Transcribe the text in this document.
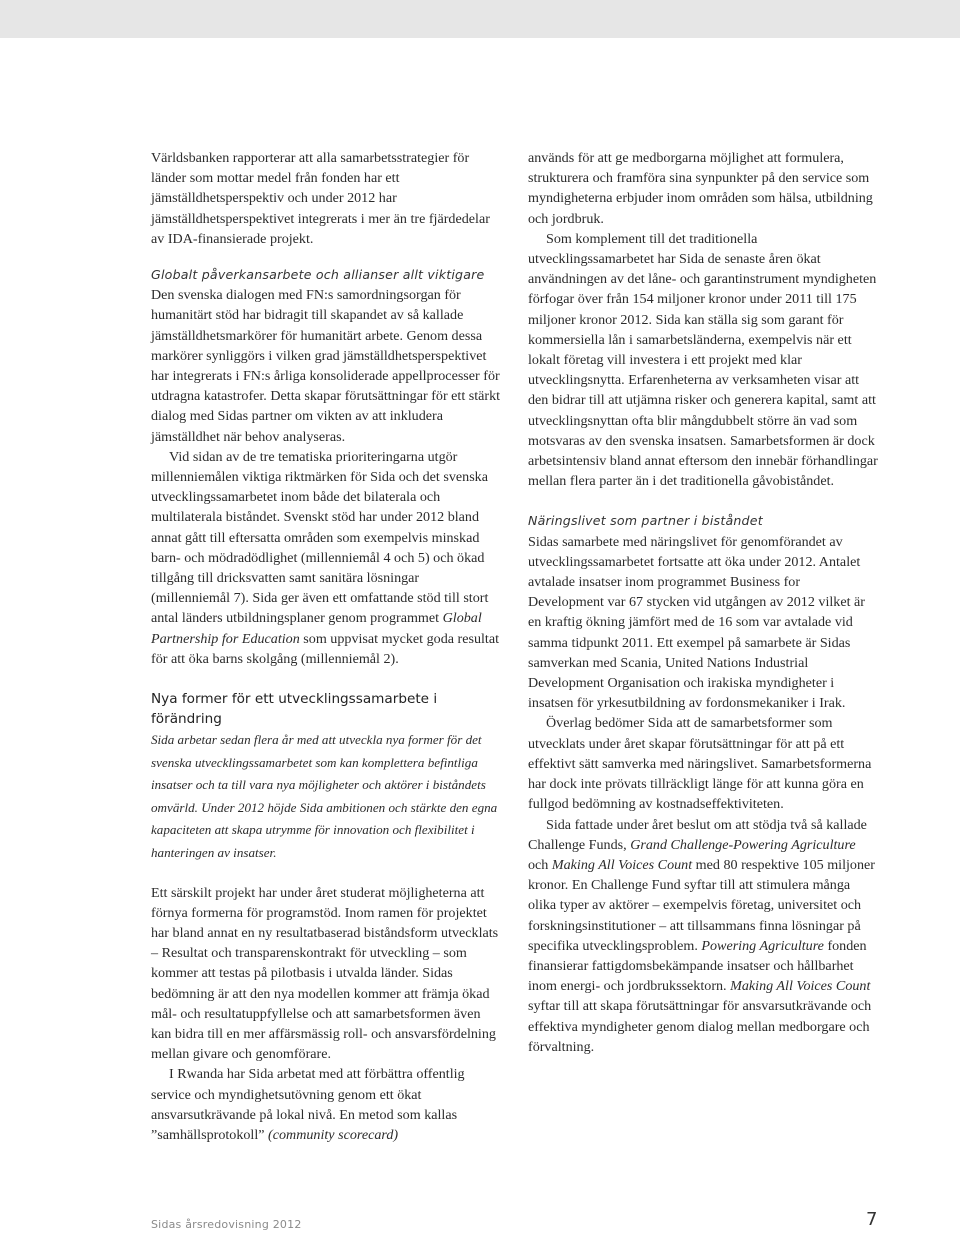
Världsbanken rapporterar att alla samarbetsstrategier för länder som mottar medel från fonden har ett jämställdhetsperspektiv och under 2012 har jämställdhetsperspektivet integrerats i mer än tre fjärdedelar av IDA-finansierade projekt.

Globalt påverkansarbete och allianser allt viktigare

Den svenska dialogen med FN:s samordningsorgan för humanitärt stöd har bidragit till skapandet av så kallade jämställdhetsmarkörer för humanitärt arbete. Genom dessa markörer synliggörs i vilken grad jämställdhetsperspektivet har integrerats i FN:s årliga konsoliderade appellprocesser för utdragna katastrofer. Detta skapar förutsättningar för ett stärkt dialog med Sidas partner om vikten av att inkludera jämställdhet när behov analyseras.

Vid sidan av de tre tematiska prioriteringarna utgör millenniemålen viktiga riktmärken för Sida och det svenska utvecklingssamarbetet inom både det bilaterala och multilaterala biståndet. Svenskt stöd har under 2012 bland annat gått till eftersatta områden som exempelvis minskad barn- och mödradödlighet (millenniemål 4 och 5) och ökad tillgång till dricksvatten samt sanitära lösningar (millenniemål 7). Sida ger även ett omfattande stöd till stort antal länders utbildningsplaner genom programmet Global Partnership for Education som uppvisat mycket goda resultat för att öka barns skolgång (millenniemål 2).

Nya former för ett utvecklingssamarbete i förändring

Sida arbetar sedan flera år med att utveckla nya former för det svenska utvecklingssamarbetet som kan komplettera befintliga insatser och ta till vara nya möjligheter och aktörer i biståndets omvärld. Under 2012 höjde Sida ambitionen och stärkte den egna kapaciteten att skapa utrymme för innovation och flexibilitet i hanteringen av insatser.

Ett särskilt projekt har under året studerat möjligheterna att förnya formerna för programstöd. Inom ramen för projektet har bland annat en ny resultatbaserad biståndsform utvecklats – Resultat och transparenskontrakt för utveckling – som kommer att testas på pilotbasis i utvalda länder. Sidas bedömning är att den nya modellen kommer att främja ökad mål- och resultatuppfyllelse och att samarbetsformen även kan bidra till en mer affärsmässig roll- och ansvarsfördelning mellan givare och genomförare.

I Rwanda har Sida arbetat med att förbättra offentlig service och myndighetsutövning genom ett ökat ansvarsutkrävande på lokal nivå. En metod som kallas ”samhällsprotokoll” (community scorecard)

används för att ge medborgarna möjlighet att formulera, strukturera och framföra sina synpunkter på den service som myndigheterna erbjuder inom områden som hälsa, utbildning och jordbruk.

Som komplement till det traditionella utvecklingssamarbetet har Sida de senaste åren ökat användningen av det låne- och garantinstrument myndigheten förfogar över från 154 miljoner kronor under 2011 till 175 miljoner kronor 2012. Sida kan ställa sig som garant för kommersiella lån i samarbetsländerna, exempelvis när ett lokalt företag vill investera i ett projekt med klar utvecklingsnytta. Erfarenheterna av verksamheten visar att den bidrar till att utjämna risker och generera kapital, samt att utvecklingsnyttan ofta blir mångdubbelt större än vad som motsvaras av den svenska insatsen. Samarbetsformen är dock arbetsintensiv bland annat eftersom den innebär förhandlingar mellan flera parter än i det traditionella gåvobiståndet.

Näringslivet som partner i biståndet

Sidas samarbete med näringslivet för genomförandet av utvecklingssamarbetet fortsatte att öka under 2012. Antalet avtalade insatser inom programmet Business for Development var 67 stycken vid utgången av 2012 vilket är en kraftig ökning jämfört med de 16 som var avtalade vid samma tidpunkt 2011. Ett exempel på samarbete är Sidas samverkan med Scania, United Nations Industrial Development Organisation och irakiska myndigheter i insatsen för yrkesutbildning av fordonsmekaniker i Irak.

Överlag bedömer Sida att de samarbetsformer som utvecklats under året skapar förutsättningar för att på ett effektivt sätt samverka med näringslivet. Samarbetsformerna har dock inte prövats tillräckligt länge för att kunna göra en fullgod bedömning av kostnadseffektiviteten.

Sida fattade under året beslut om att stödja två så kallade Challenge Funds, Grand Challenge-Powering Agriculture och Making All Voices Count med 80 respektive 105 miljoner kronor. En Challenge Fund syftar till att stimulera många olika typer av aktörer – exempelvis företag, universitet och forskningsinstitutioner – att tillsammans finna lösningar på specifika utvecklingsproblem. Powering Agriculture fonden finansierar fattigdomsbekämpande insatser och hållbarhet inom energi- och jordbrukssektorn. Making All Voices Count syftar till att skapa förutsättningar för ansvarsutkrävande och effektiva myndigheter genom dialog mellan medborgare och förvaltning.

Sidas årsredovisning 2012	7
